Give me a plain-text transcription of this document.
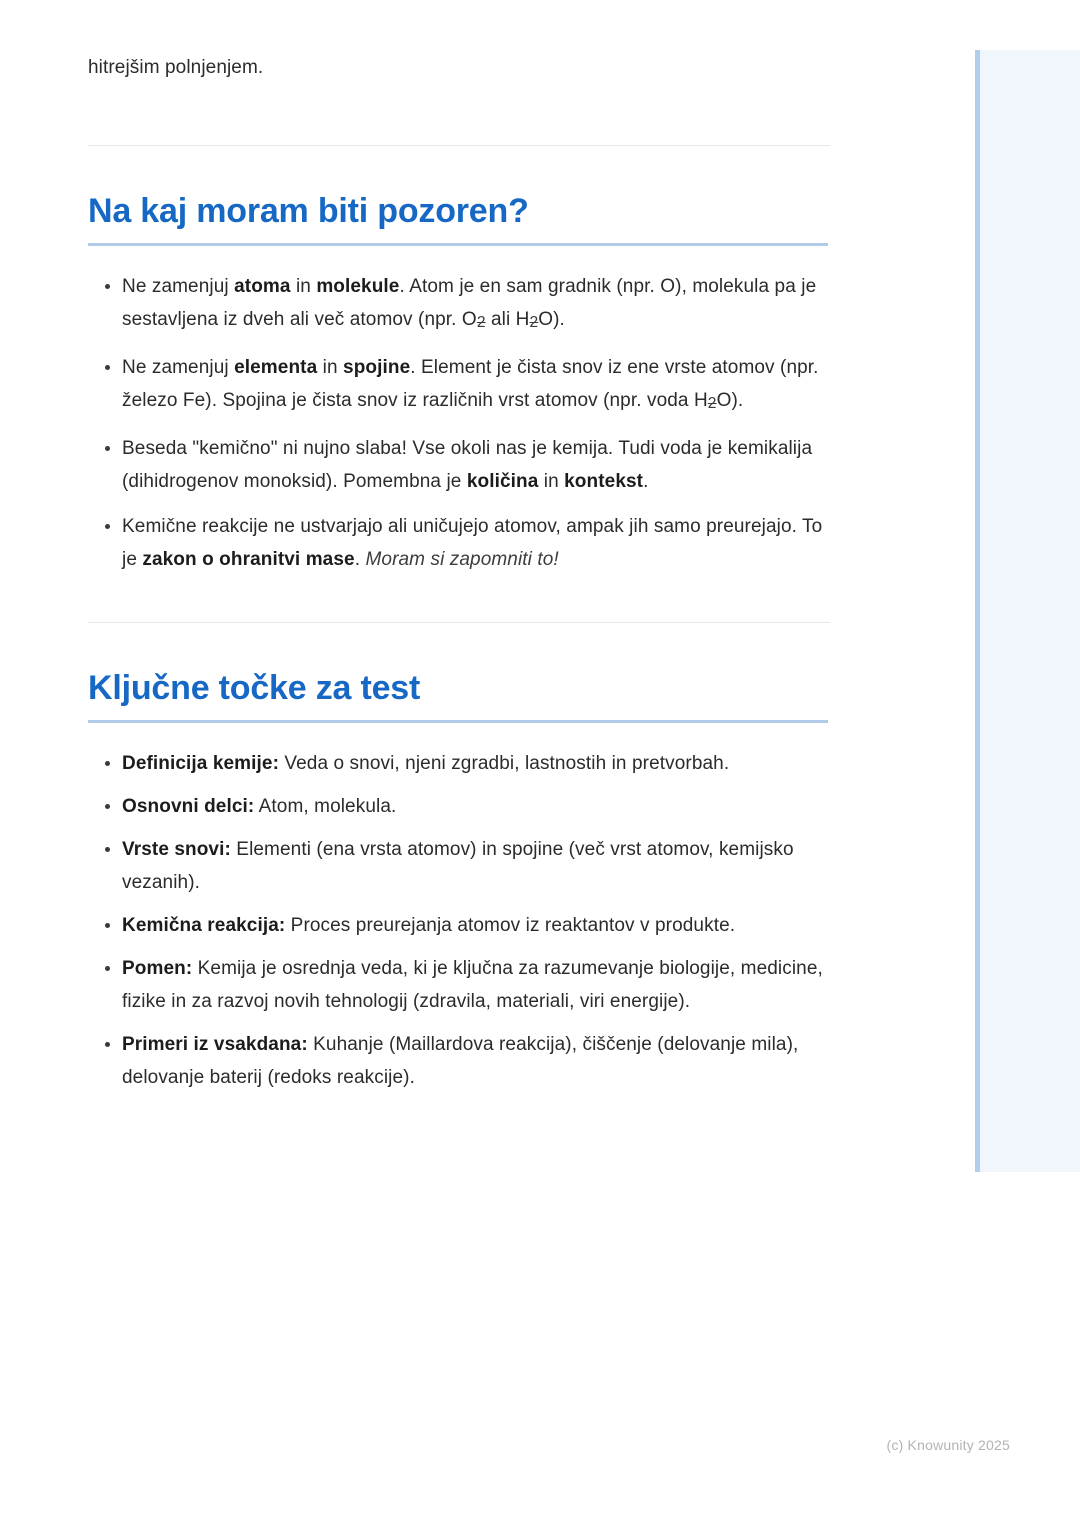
hitrejšim polnjenjem.
Na kaj moram biti pozoren?
Ne zamenjuj atoma in molekule. Atom je en sam gradnik (npr. O), molekula pa je sestavljena iz dveh ali več atomov (npr. O2 ali H2O).
Ne zamenjuj elementa in spojine. Element je čista snov iz ene vrste atomov (npr. železo Fe). Spojina je čista snov iz različnih vrst atomov (npr. voda H2O).
Beseda "kemično" ni nujno slaba! Vse okoli nas je kemija. Tudi voda je kemikalija (dihidrogenov monoksid). Pomembna je količina in kontekst.
Kemične reakcije ne ustvarjajo ali uničujejo atomov, ampak jih samo preurejajo. To je zakon o ohranitvi mase. Moram si zapomniti to!
Ključne točke za test
Definicija kemije: Veda o snovi, njeni zgradbi, lastnostih in pretvorbah.
Osnovni delci: Atom, molekula.
Vrste snovi: Elementi (ena vrsta atomov) in spojine (več vrst atomov, kemijsko vezanih).
Kemična reakcija: Proces preurejanja atomov iz reaktantov v produkte.
Pomen: Kemija je osrednja veda, ki je ključna za razumevanje biologije, medicine, fizike in za razvoj novih tehnologij (zdravila, materiali, viri energije).
Primeri iz vsakdana: Kuhanje (Maillardova reakcija), čiščenje (delovanje mila), delovanje baterij (redoks reakcije).
(c) Knowunity 2025
